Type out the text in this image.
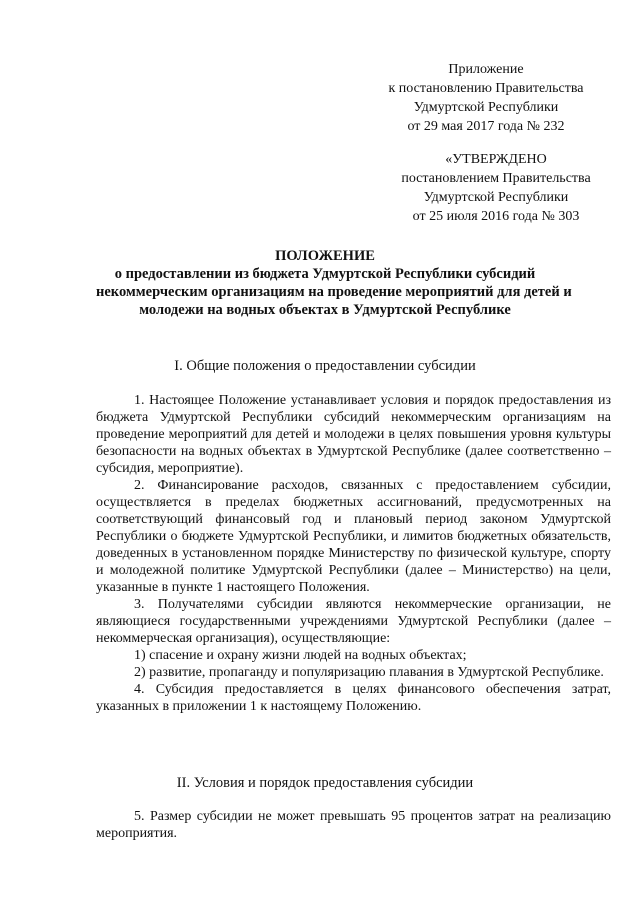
Приложение
к постановлению Правительства
Удмуртской Республики
от 29 мая 2017 года № 232
«УТВЕРЖДЕНО
постановлением Правительства
Удмуртской Республики
от 25 июля 2016 года № 303
ПОЛОЖЕНИЕ
о предоставлении из бюджета Удмуртской Республики субсидий
некоммерческим организациям на проведение мероприятий для детей и
молодежи на водных объектах в Удмуртской Республике
I. Общие положения о предоставлении субсидии

1. Настоящее Положение устанавливает условия и порядок предоставления из бюджета Удмуртской Республики субсидий некоммерческим организациям на проведение мероприятий для детей и молодежи в целях повышения уровня культуры безопасности на водных объектах в Удмуртской Республике (далее соответственно – субсидия, мероприятие).

2. Финансирование расходов, связанных с предоставлением субсидии, осуществляется в пределах бюджетных ассигнований, предусмотренных на соответствующий финансовый год и плановый период законом Удмуртской Республики о бюджете Удмуртской Республики, и лимитов бюджетных обязательств, доведенных в установленном порядке Министерству по физической культуре, спорту и молодежной политике Удмуртской Республики (далее – Министерство) на цели, указанные в пункте 1 настоящего Положения.

3. Получателями субсидии являются некоммерческие организации, не являющиеся государственными учреждениями Удмуртской Республики (далее – некоммерческая организация), осуществляющие:

1) спасение и охрану жизни людей на водных объектах;

2) развитие, пропаганду и популяризацию плавания в Удмуртской Республике.

4. Субсидия предоставляется в целях финансового обеспечения затрат, указанных в приложении 1 к настоящему Положению.

II. Условия и порядок предоставления субсидии

5. Размер субсидии не может превышать 95 процентов затрат на реализацию мероприятия.
